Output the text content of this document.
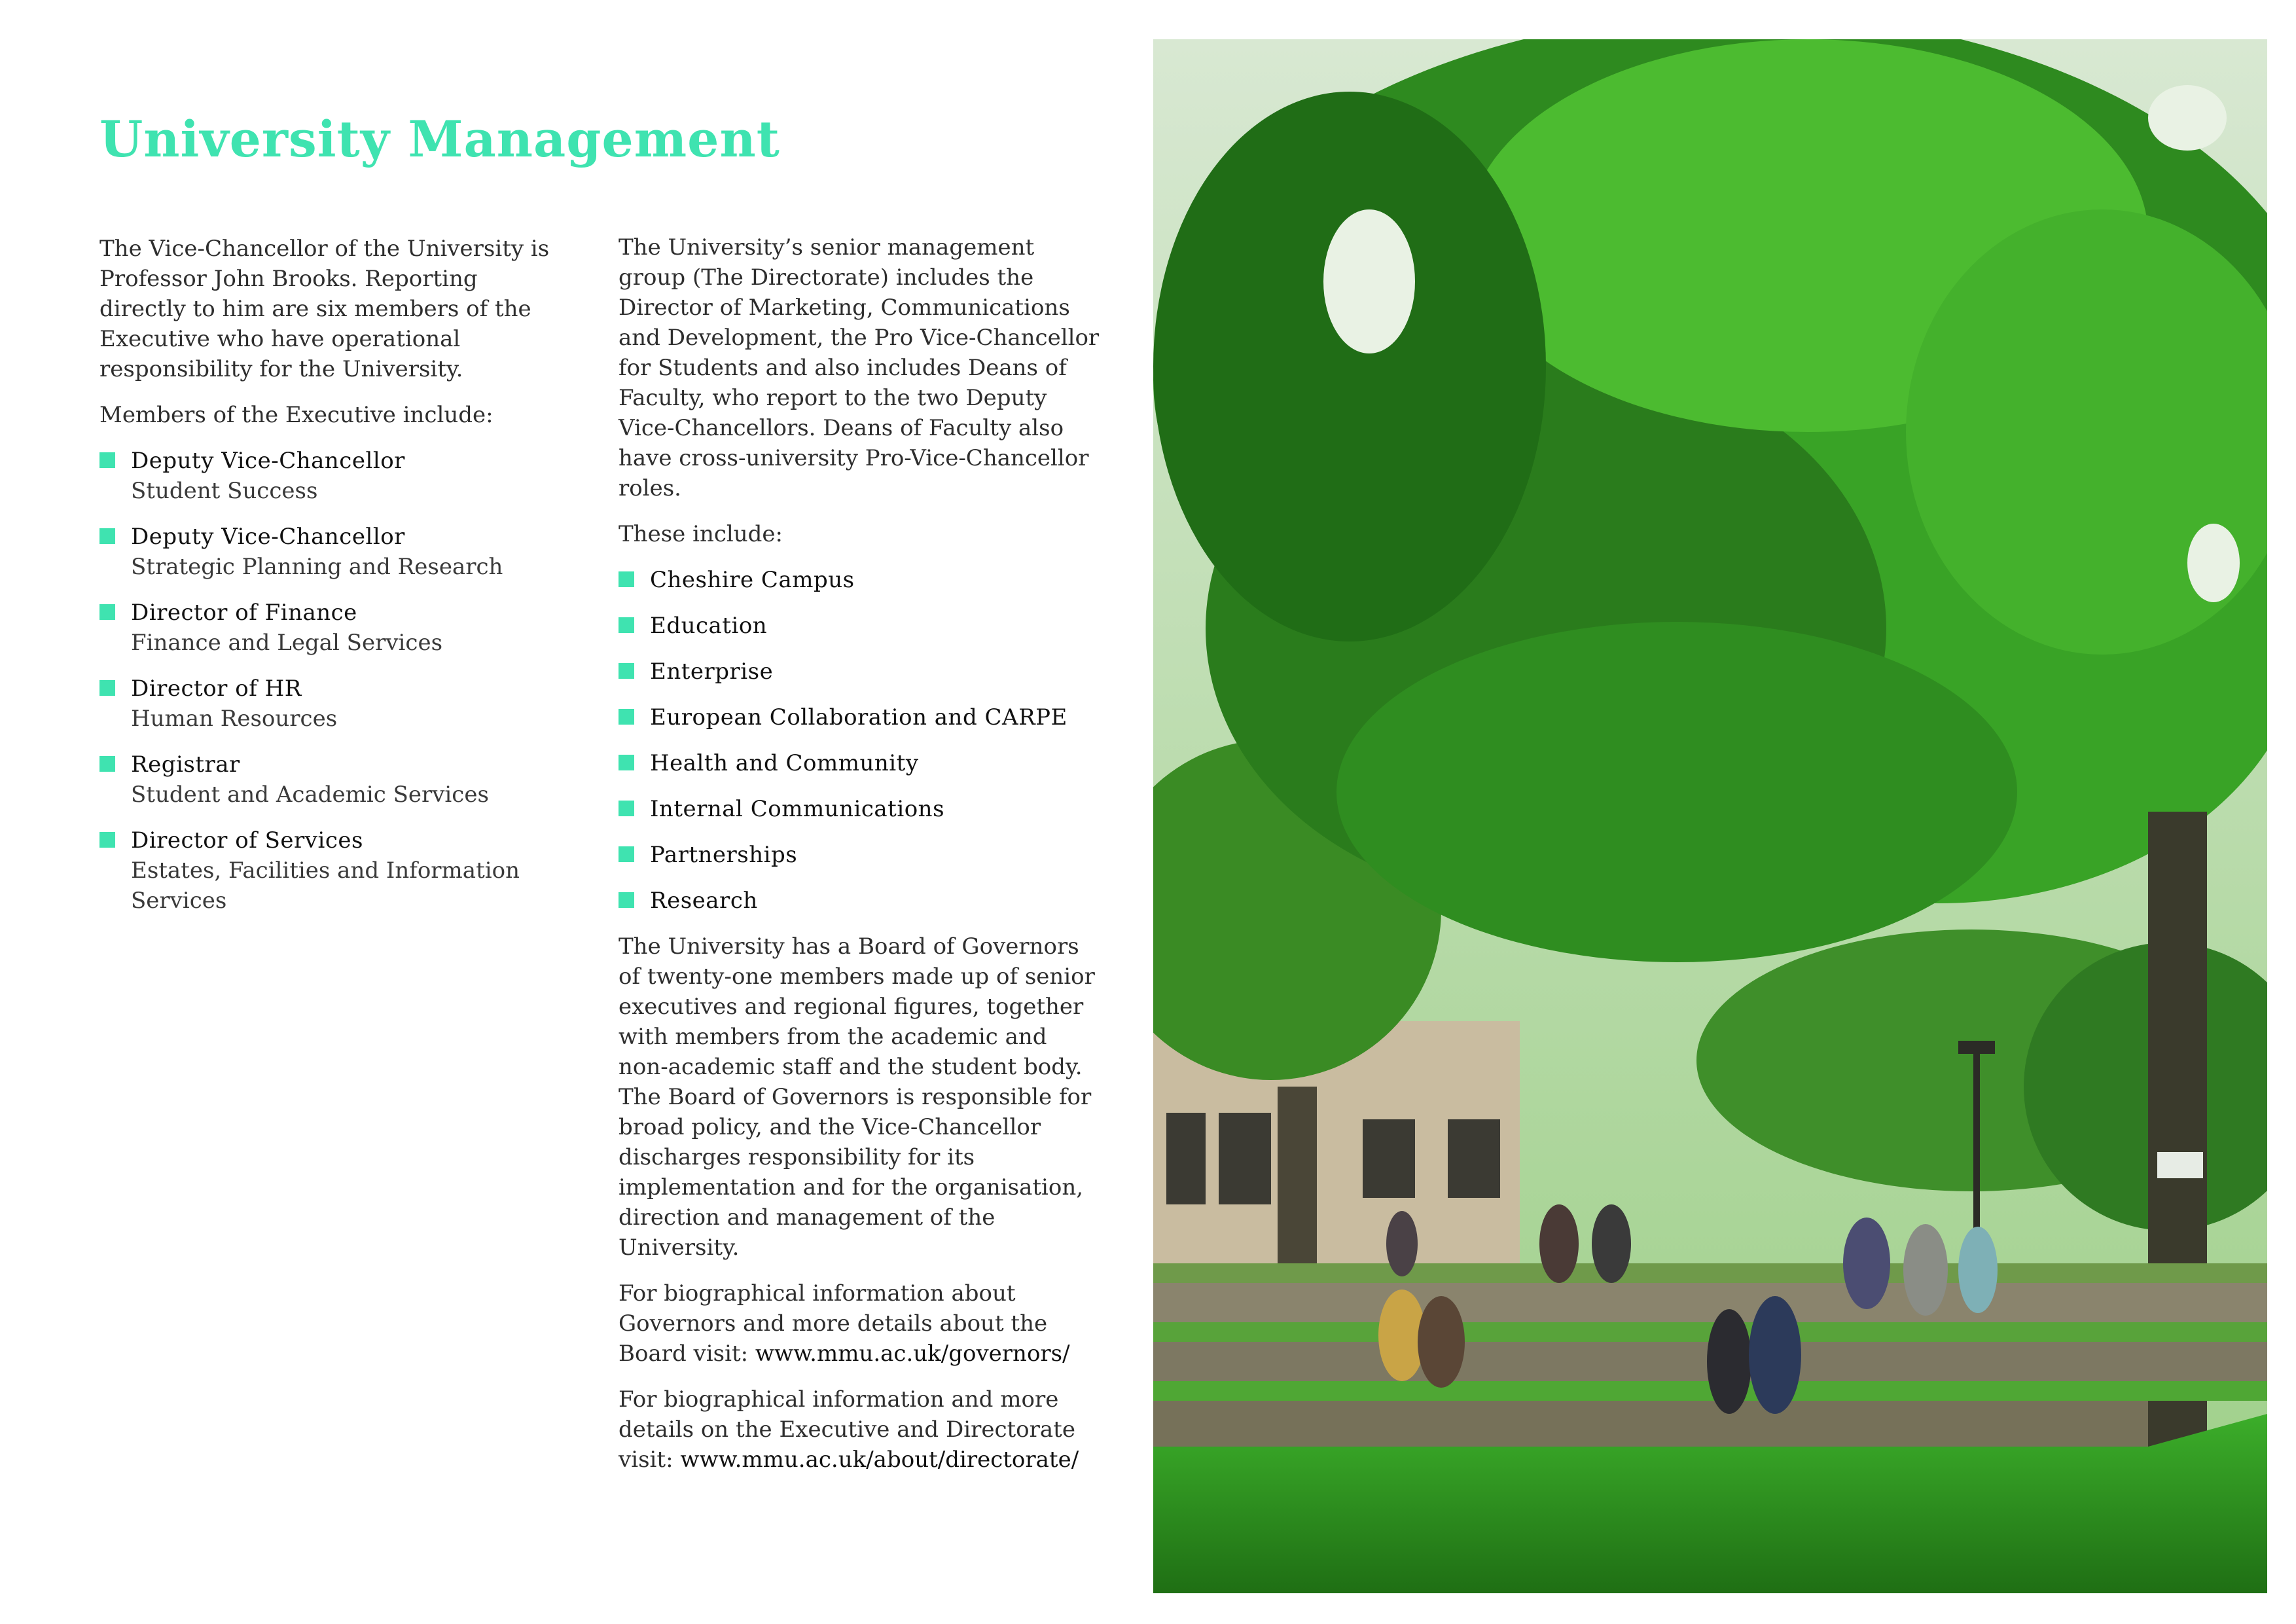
University Management

The Vice-Chancellor of the University is Professor John Brooks. Reporting directly to him are six members of the Executive who have operational responsibility for the University.

Members of the Executive include:

Deputy Vice-Chancellor
Student Success
Deputy Vice-Chancellor
Strategic Planning and Research
Director of Finance
Finance and Legal Services
Director of HR
Human Resources
Registrar
Student and Academic Services
Director of Services
Estates, Facilities and Information Services

The University’s senior management group (The Directorate) includes the Director of Marketing, Communications and Development, the Pro Vice-Chancellor for Students and also includes Deans of Faculty, who report to the two Deputy Vice-Chancellors. Deans of Faculty also have cross-university Pro-Vice-Chancellor roles.

These include:

Cheshire Campus
Education
Enterprise
European Collaboration and CARPE
Health and Community
Internal Communications
Partnerships
Research

The University has a Board of Governors of twenty-one members made up of senior executives and regional figures, together with members from the academic and non-academic staff and the student body. The Board of Governors is responsible for broad policy, and the Vice-Chancellor discharges responsibility for its implementation and for the organisation, direction and management of the University.

For biographical information about Governors and more details about the Board visit: www.mmu.ac.uk/governors/

For biographical information and more details on the Executive and Directorate visit: www.mmu.ac.uk/about/directorate/
